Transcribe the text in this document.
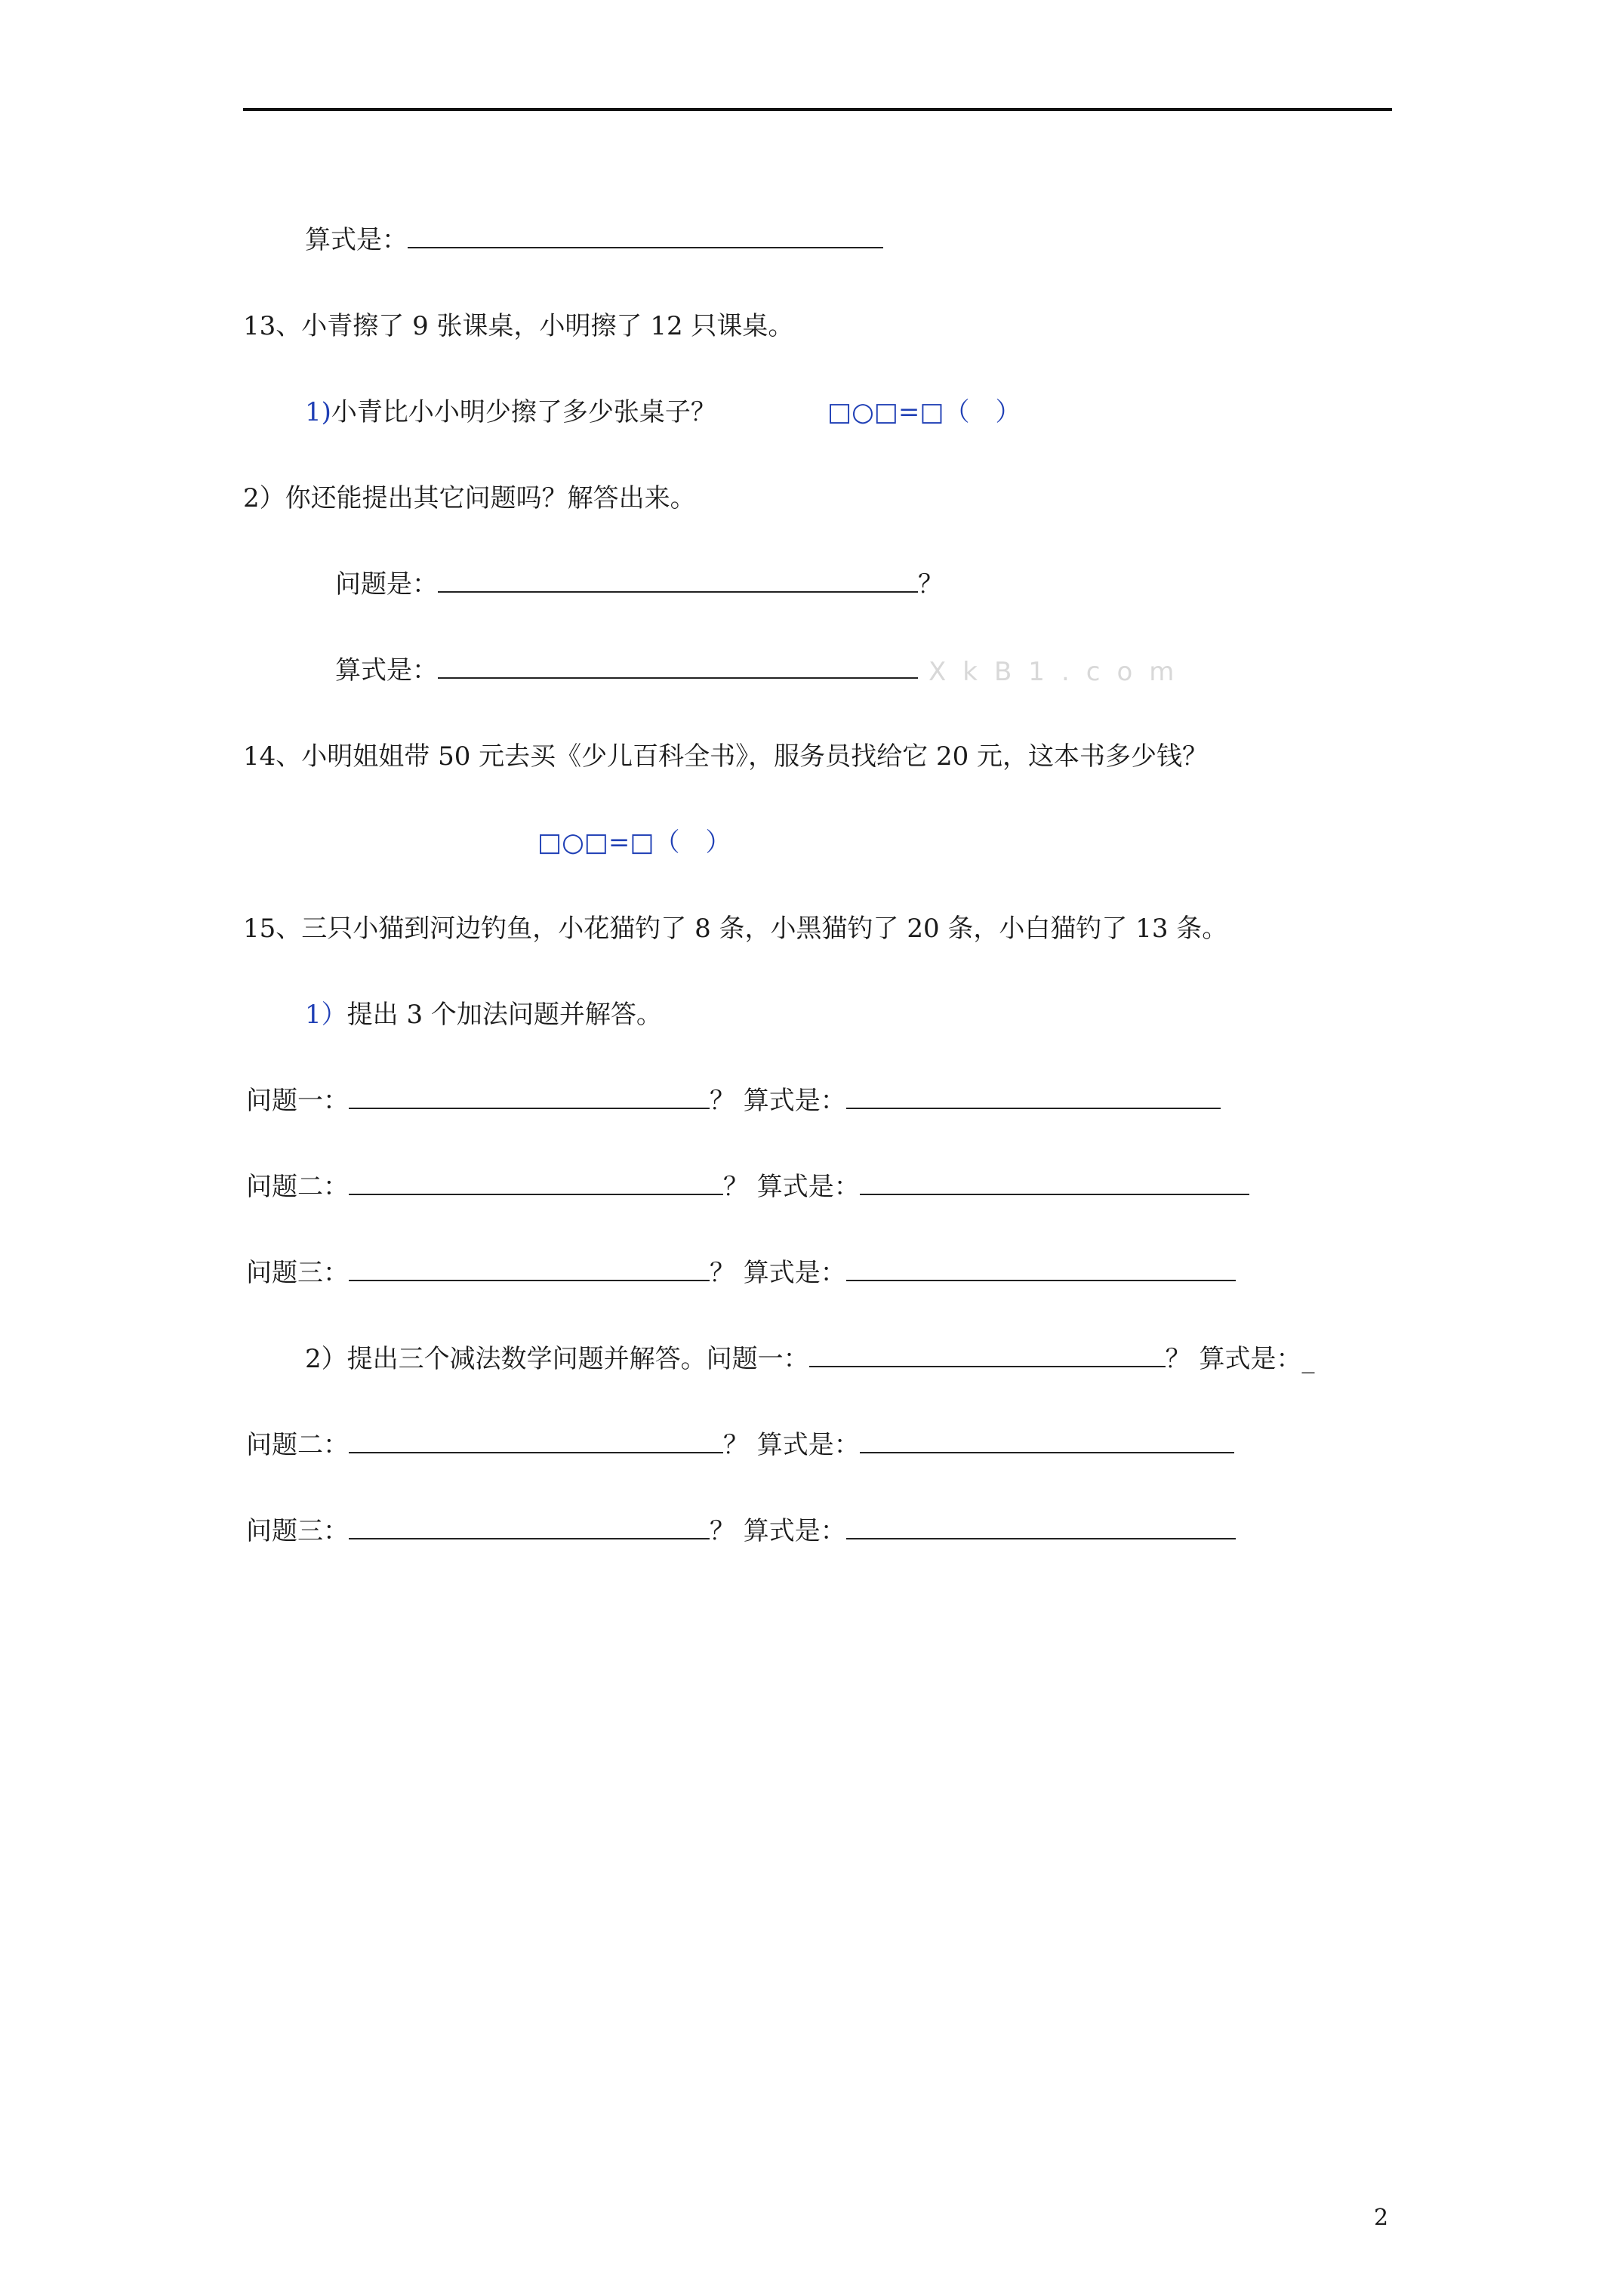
算式是：
13、小青擦了 9 张课桌，小明擦了 12 只课桌。
1)小青比小小明少擦了多少张桌子？	□○□=□（　）
2）你还能提出其它问题吗？解答出来。
问题是：	？
算式是：	XkB1.com
14、小明姐姐带 50 元去买《少儿百科全书》，服务员找给它 20 元，这本书多少钱？
□○□=□（　）
15、三只小猫到河边钓鱼，小花猫钓了 8 条，小黑猫钓了 20 条，小白猫钓了 13 条。
1）提出 3 个加法问题并解答。
问题一：	？ 算式是：
问题二：	？ 算式是：
问题三：	？ 算式是：
2）提出三个减法数学问题并解答。问题一：	？ 算式是：_
问题二：	？ 算式是：
问题三：	？ 算式是：
2
